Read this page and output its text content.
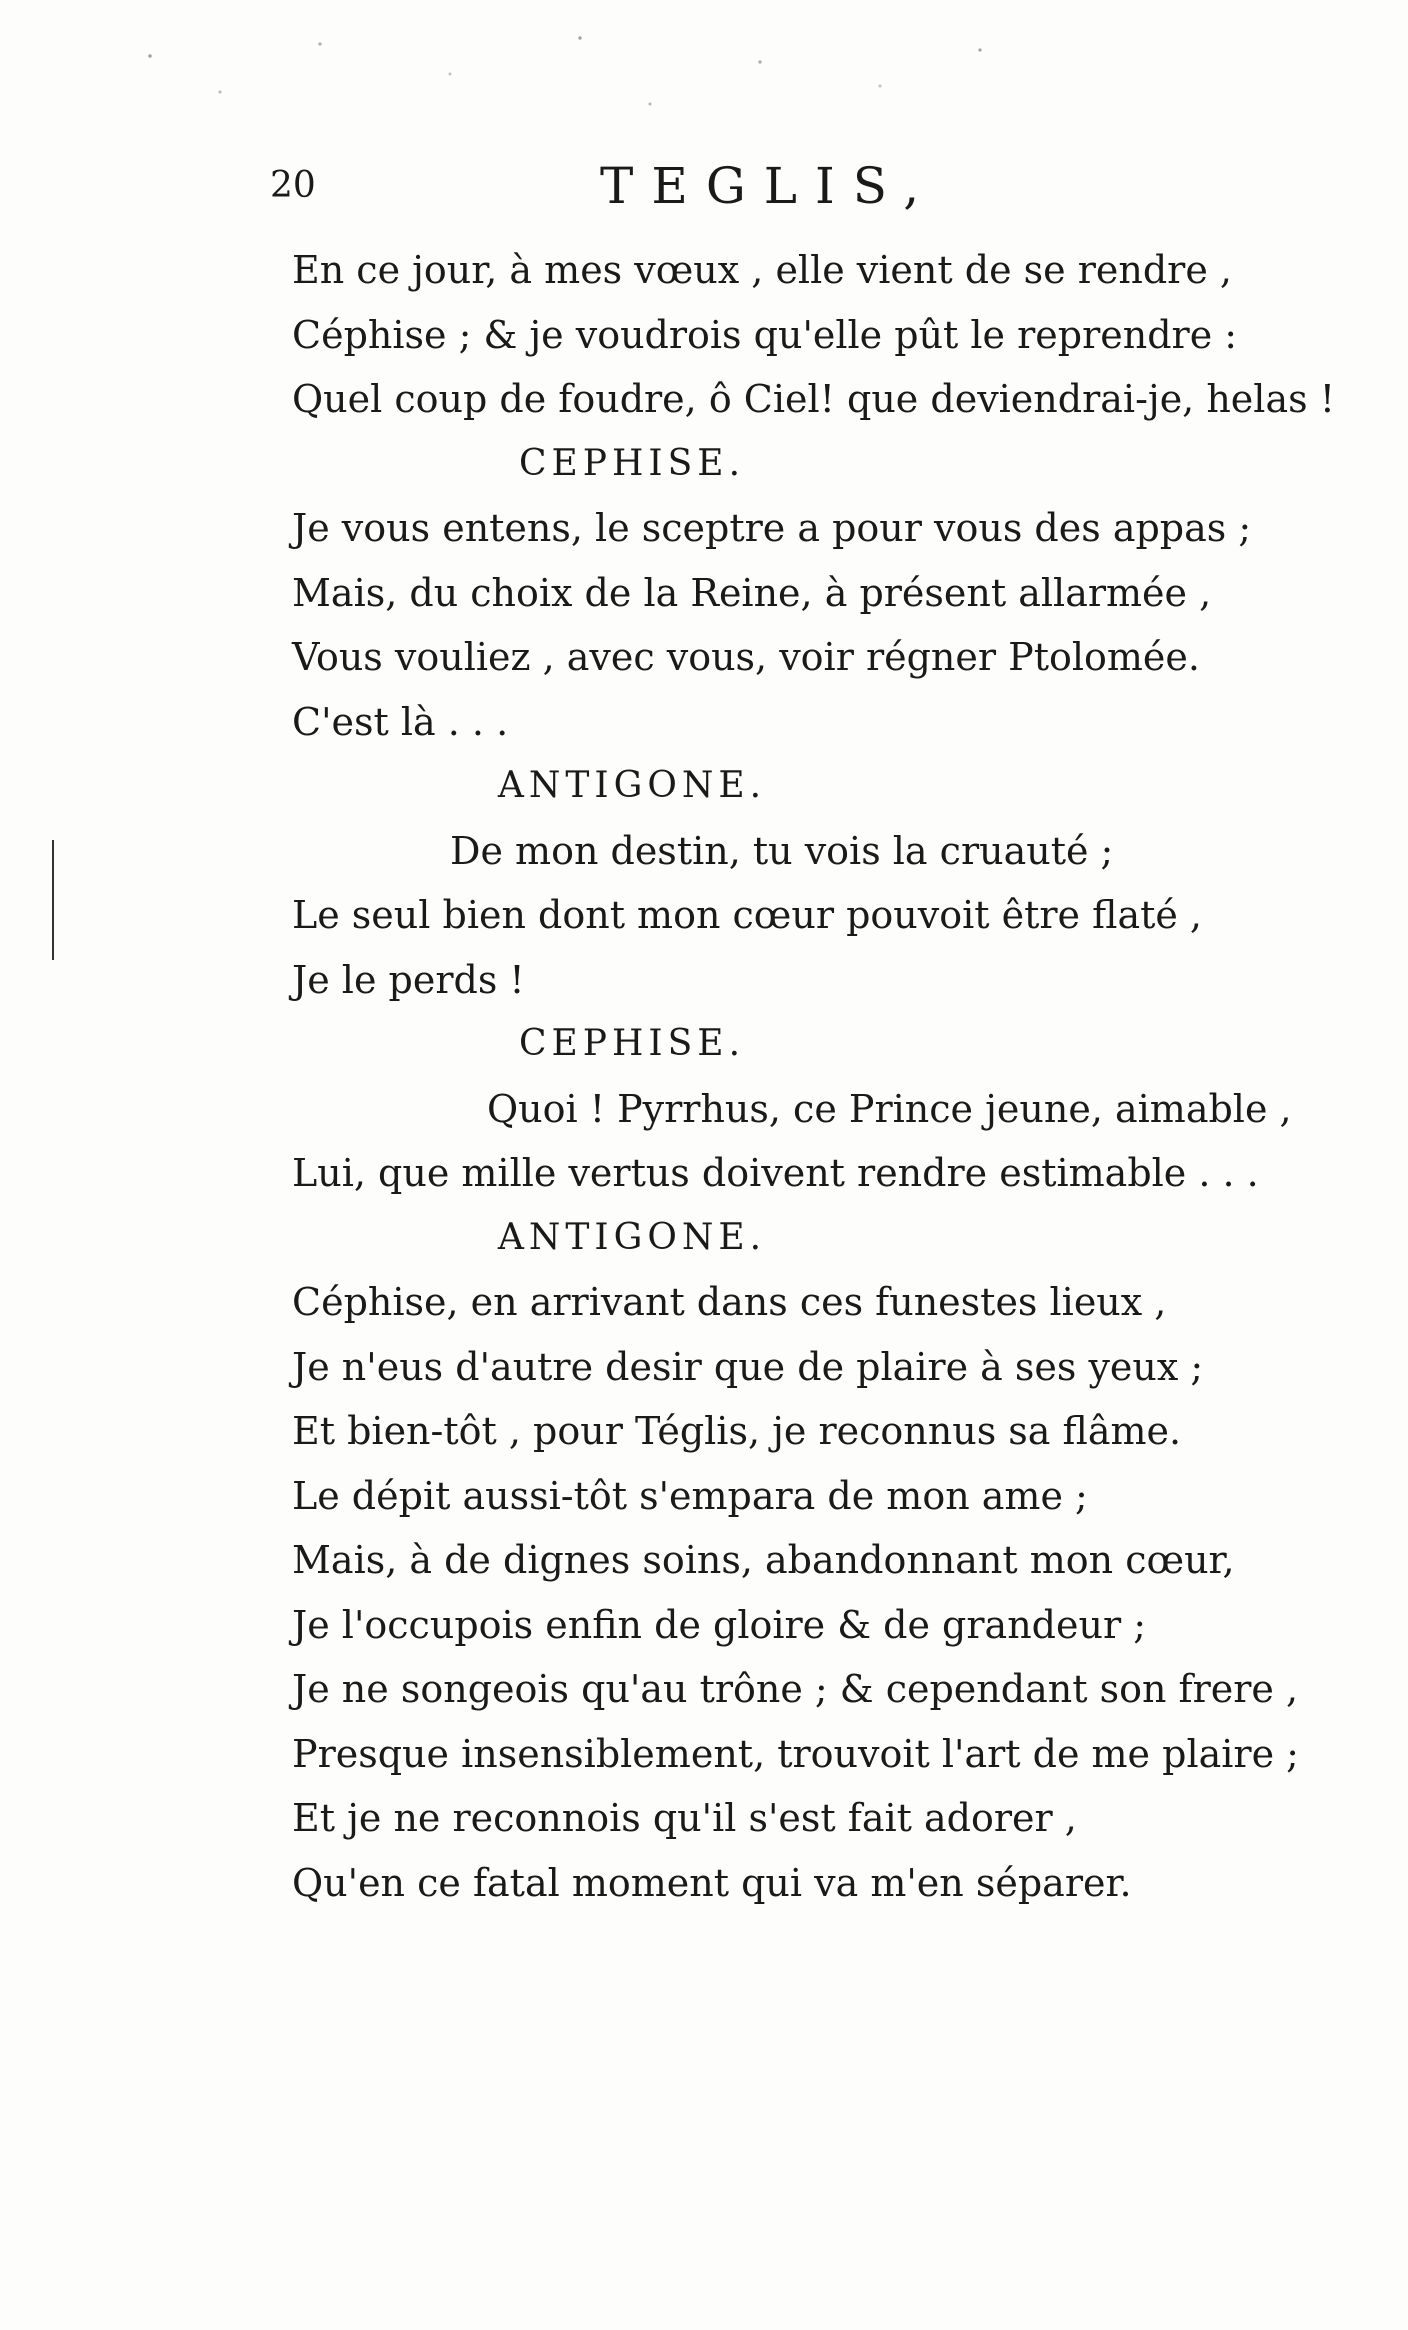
20	TEGLIS,
En ce jour, à mes vœux , elle vient de se rendre ,
Céphise ; & je voudrois qu'elle pût le reprendre :
Quel coup de foudre, ô Ciel! que deviendrai-je, helas !
CEPHISE.
Je vous entens, le sceptre a pour vous des appas ;
Mais, du choix de la Reine, à présent allarmée ,
Vous vouliez , avec vous, voir régner Ptolomée.
C'est là . . .
ANTIGONE.
De mon destin, tu vois la cruauté ;
Le seul bien dont mon cœur pouvoit être flaté ,
Je le perds !
CEPHISE.
Quoi ! Pyrrhus, ce Prince jeune, aimable ,
Lui, que mille vertus doivent rendre estimable . . .
ANTIGONE.
Céphise, en arrivant dans ces funestes lieux ,
Je n'eus d'autre desir que de plaire à ses yeux ;
Et bien-tôt , pour Téglis, je reconnus sa flâme.
Le dépit aussi-tôt s'empara de mon ame ;
Mais, à de dignes soins, abandonnant mon cœur,
Je l'occupois enfin de gloire & de grandeur ;
Je ne songeois qu'au trône ; & cependant son frere ,
Presque insensiblement, trouvoit l'art de me plaire ;
Et je ne reconnois qu'il s'est fait adorer ,
Qu'en ce fatal moment qui va m'en séparer.
